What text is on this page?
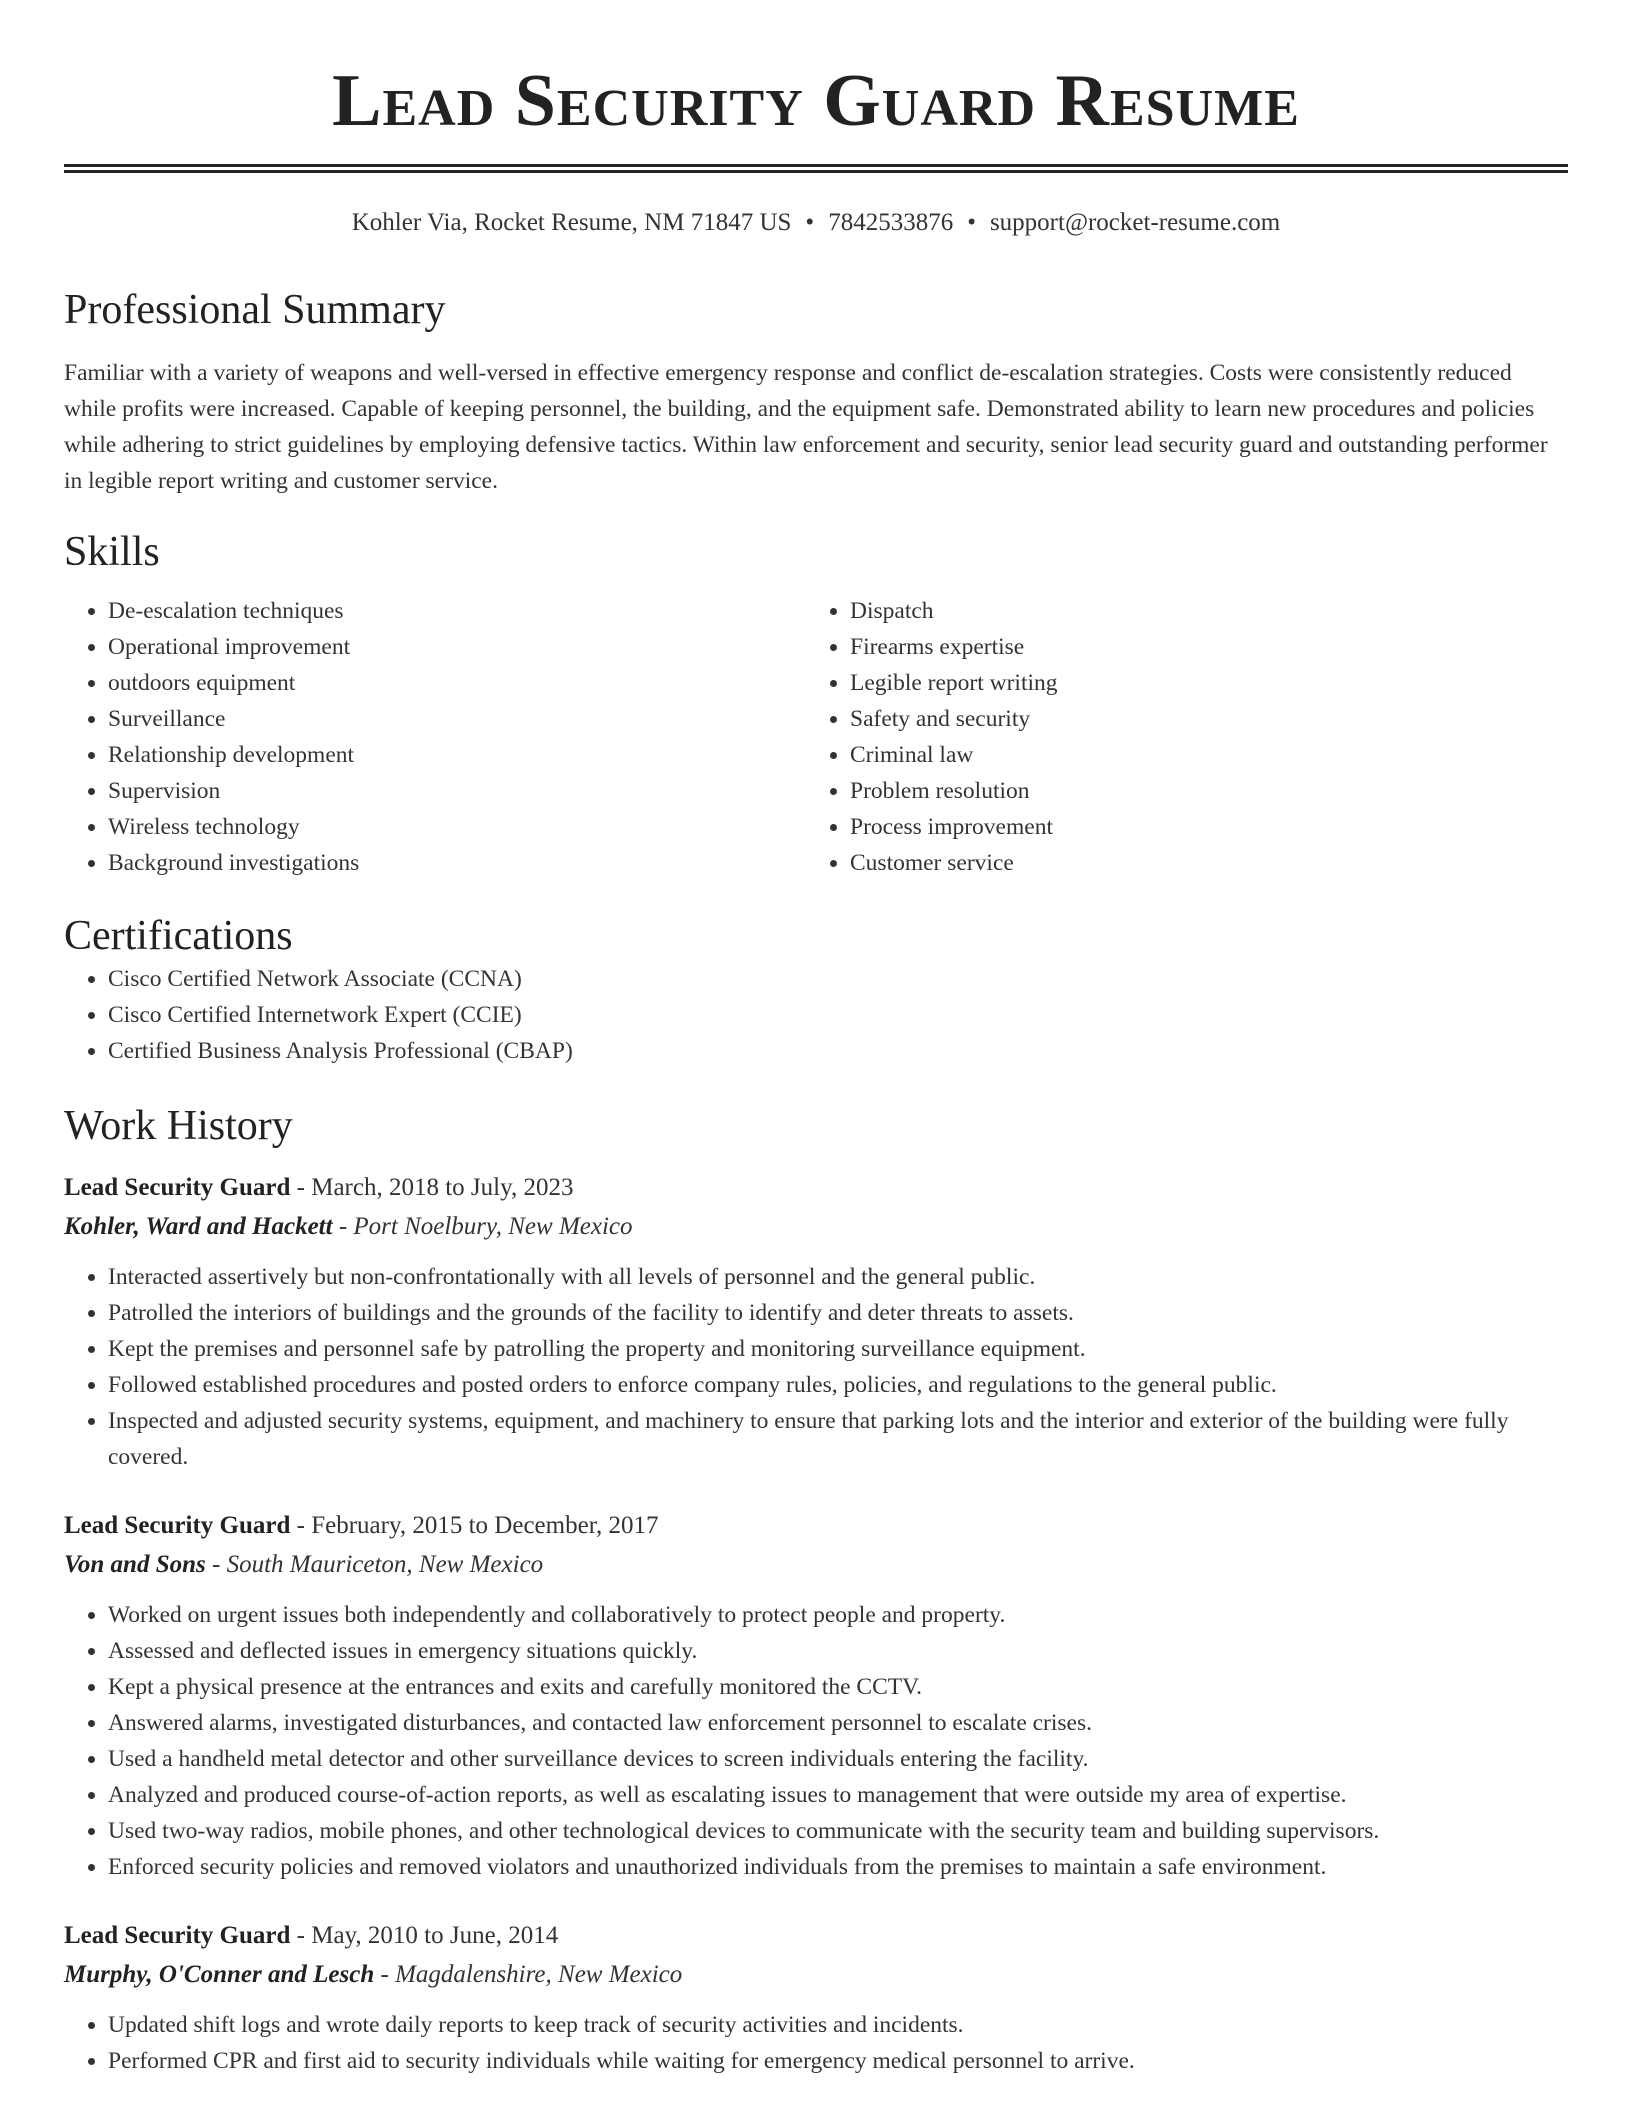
Lead Security Guard Resume
Kohler Via, Rocket Resume, NM 71847 US • 7842533876 • support@rocket-resume.com
Professional Summary

Familiar with a variety of weapons and well-versed in effective emergency response and conflict de-escalation strategies. Costs were consistently reduced while profits were increased. Capable of keeping personnel, the building, and the equipment safe. Demonstrated ability to learn new procedures and policies while adhering to strict guidelines by employing defensive tactics. Within law enforcement and security, senior lead security guard and outstanding performer in legible report writing and customer service.

Skills
• De-escalation techniques
• Operational improvement
• outdoors equipment
• Surveillance
• Relationship development
• Supervision
• Wireless technology
• Background investigations
• Dispatch
• Firearms expertise
• Legible report writing
• Safety and security
• Criminal law
• Problem resolution
• Process improvement
• Customer service
Certifications
• Cisco Certified Network Associate (CCNA)
• Cisco Certified Internetwork Expert (CCIE)
• Certified Business Analysis Professional (CBAP)
Work History
Lead Security Guard - March, 2018 to July, 2023
Kohler, Ward and Hackett - Port Noelbury, New Mexico
• Interacted assertively but non-confrontationally with all levels of personnel and the general public.
• Patrolled the interiors of buildings and the grounds of the facility to identify and deter threats to assets.
• Kept the premises and personnel safe by patrolling the property and monitoring surveillance equipment.
• Followed established procedures and posted orders to enforce company rules, policies, and regulations to the general public.
• Inspected and adjusted security systems, equipment, and machinery to ensure that parking lots and the interior and exterior of the building were fully covered.
Lead Security Guard - February, 2015 to December, 2017
Von and Sons - South Mauriceton, New Mexico
• Worked on urgent issues both independently and collaboratively to protect people and property.
• Assessed and deflected issues in emergency situations quickly.
• Kept a physical presence at the entrances and exits and carefully monitored the CCTV.
• Answered alarms, investigated disturbances, and contacted law enforcement personnel to escalate crises.
• Used a handheld metal detector and other surveillance devices to screen individuals entering the facility.
• Analyzed and produced course-of-action reports, as well as escalating issues to management that were outside my area of expertise.
• Used two-way radios, mobile phones, and other technological devices to communicate with the security team and building supervisors.
• Enforced security policies and removed violators and unauthorized individuals from the premises to maintain a safe environment.
Lead Security Guard - May, 2010 to June, 2014
Murphy, O'Conner and Lesch - Magdalenshire, New Mexico
• Updated shift logs and wrote daily reports to keep track of security activities and incidents.
• Performed CPR and first aid to security individuals while waiting for emergency medical personnel to arrive.
